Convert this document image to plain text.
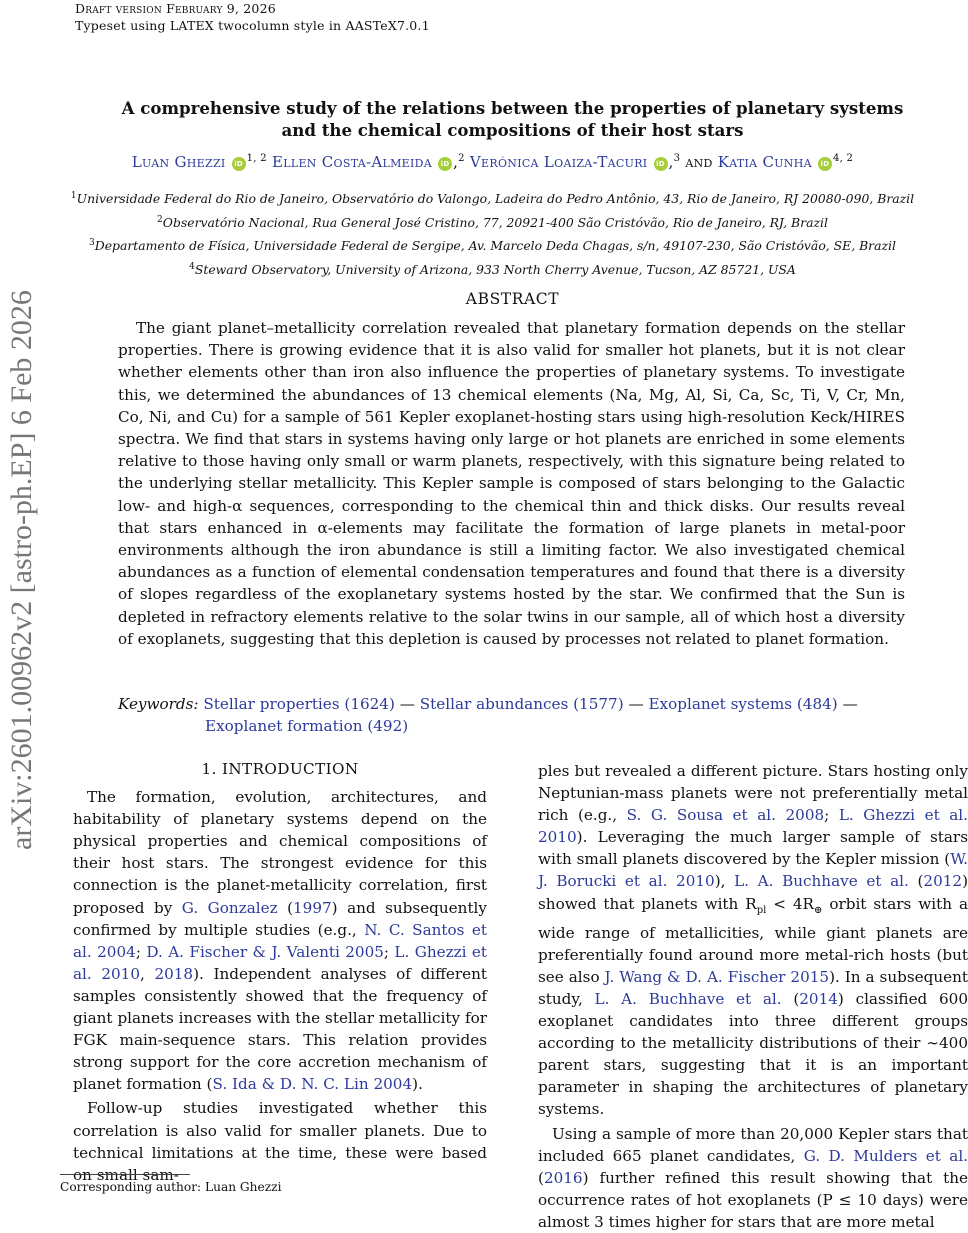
Draft version February 9, 2026
Typeset using LATEX twocolumn style in AASTeX7.0.1
arXiv:2601.00962v2 [astro-ph.EP] 6 Feb 2026
A comprehensive study of the relations between the properties of planetary systems and the chemical compositions of their host stars
Luan Ghezzi iD $^{1, 2}$ Ellen Costa-Almeida iD ,$^2$ Verónica Loaiza-Tacuri iD ,$^3$ and Katia Cunha iD $^{4, 2}$
$^1$Universidade Federal do Rio de Janeiro, Observatório do Valongo, Ladeira do Pedro Antônio, 43, Rio de Janeiro, RJ 20080-090, Brazil
$^2$Observatório Nacional, Rua General José Cristino, 77, 20921-400 São Cristóvão, Rio de Janeiro, RJ, Brazil
$^3$Departamento de Física, Universidade Federal de Sergipe, Av. Marcelo Deda Chagas, s/n, 49107-230, São Cristóvão, SE, Brazil
$^4$Steward Observatory, University of Arizona, 933 North Cherry Avenue, Tucson, AZ 85721, USA
ABSTRACT
The giant planet–metallicity correlation revealed that planetary formation depends on the stellar properties. There is growing evidence that it is also valid for smaller hot planets, but it is not clear whether elements other than iron also influence the properties of planetary systems. To investigate this, we determined the abundances of 13 chemical elements (Na, Mg, Al, Si, Ca, Sc, Ti, V, Cr, Mn, Co, Ni, and Cu) for a sample of 561 Kepler exoplanet-hosting stars using high-resolution Keck/HIRES spectra. We find that stars in systems having only large or hot planets are enriched in some elements relative to those having only small or warm planets, respectively, with this signature being related to the underlying stellar metallicity. This Kepler sample is composed of stars belonging to the Galactic low- and high-α sequences, corresponding to the chemical thin and thick disks. Our results reveal that stars enhanced in α-elements may facilitate the formation of large planets in metal-poor environments although the iron abundance is still a limiting factor. We also investigated chemical abundances as a function of elemental condensation temperatures and found that there is a diversity of slopes regardless of the exoplanetary systems hosted by the star. We confirmed that the Sun is depleted in refractory elements relative to the solar twins in our sample, all of which host a diversity of exoplanets, suggesting that this depletion is caused by processes not related to planet formation.
Keywords: Stellar properties (1624) — Stellar abundances (1577) — Exoplanet systems (484) —
Exoplanet formation (492)
1. INTRODUCTION

The formation, evolution, architectures, and habitability of planetary systems depend on the physical properties and chemical compositions of their host stars. The strongest evidence for this connection is the planet-metallicity correlation, first proposed by G. Gonzalez (1997) and subsequently confirmed by multiple studies (e.g., N. C. Santos et al. 2004; D. A. Fischer & J. Valenti 2005; L. Ghezzi et al. 2010, 2018). Independent analyses of different samples consistently showed that the frequency of giant planets increases with the stellar metallicity for FGK main-sequence stars. This relation provides strong support for the core accretion mechanism of planet formation (S. Ida & D. N. C. Lin 2004).

Follow-up studies investigated whether this correlation is also valid for smaller planets. Due to technical limitations at the time, these were based on small sam-

ples but revealed a different picture. Stars hosting only Neptunian-mass planets were not preferentially metal rich (e.g., S. G. Sousa et al. 2008; L. Ghezzi et al. 2010). Leveraging the much larger sample of stars with small planets discovered by the Kepler mission (W. J. Borucki et al. 2010), L. A. Buchhave et al. (2012) showed that planets with $R_{pl} < 4R_\oplus$ orbit stars with a wide range of metallicities, while giant planets are preferentially found around more metal-rich hosts (but see also J. Wang & D. A. Fischer 2015). In a subsequent study, L. A. Buchhave et al. (2014) classified 600 exoplanet candidates into three different groups according to the metallicity distributions of their ∼400 parent stars, suggesting that it is an important parameter in shaping the architectures of planetary systems.

Using a sample of more than 20,000 Kepler stars that included 665 planet candidates, G. D. Mulders et al. (2016) further refined this result showing that the occurrence rates of hot exoplanets (P ≤ 10 days) were almost 3 times higher for stars that are more metal

Corresponding author: Luan Ghezzi
